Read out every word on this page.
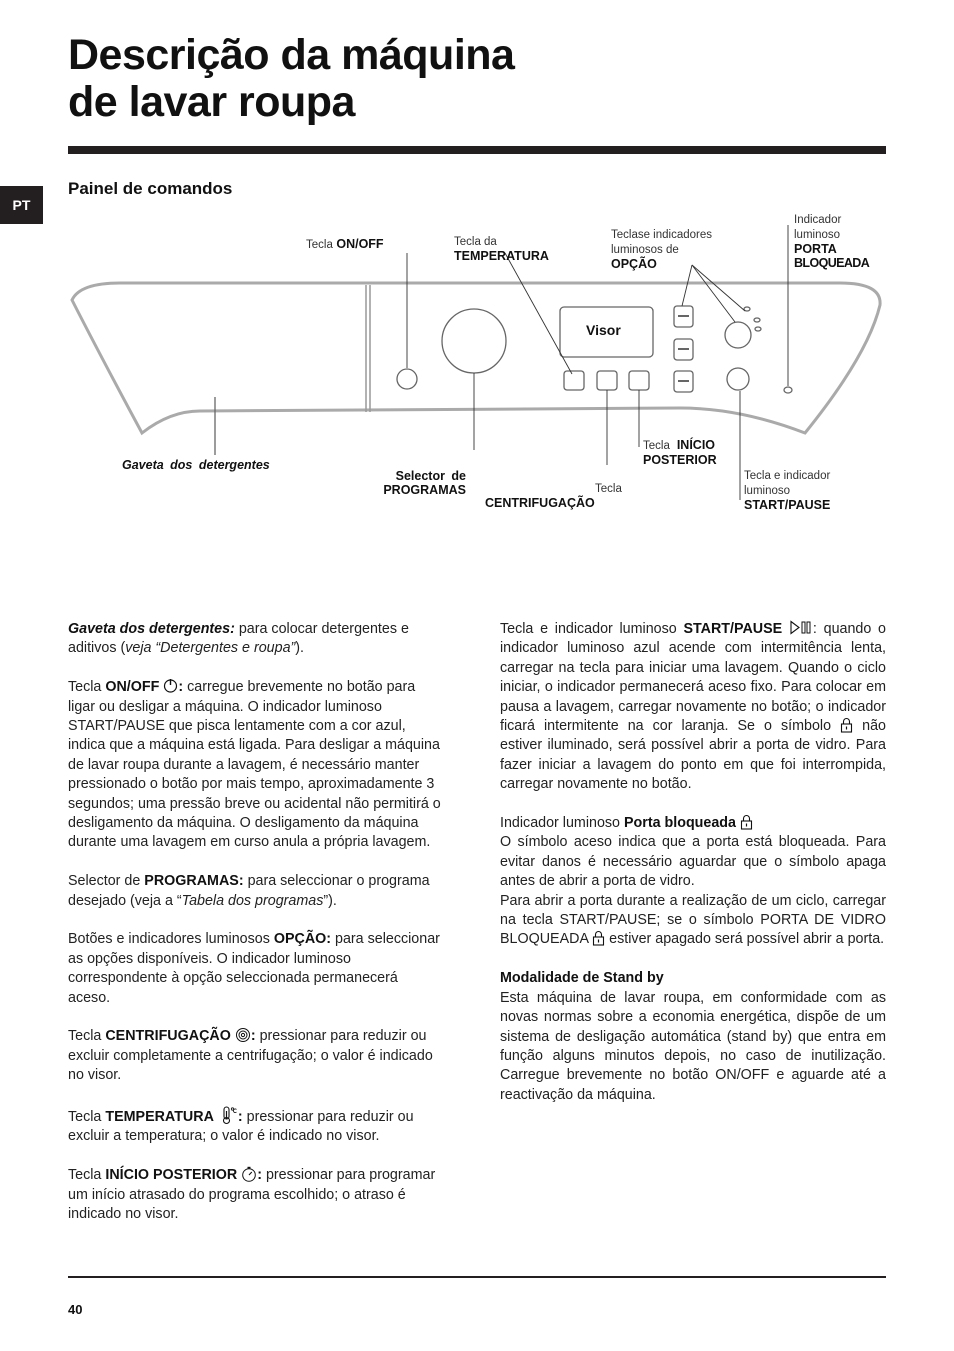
Descrição da máquina
de lavar roupa
PT
Painel de comandos
Visor
Tecla ON/OFF	Tecla da
TEMPERATURA
Teclase indicadores
luminosos de
OPÇÃO
Indicador
luminoso
PORTA
BLOQUEADA
Gaveta dos detergentes
Selector de
PROGRAMAS
Tecla INÍCIO
POSTERIOR
Tecla
CENTRIFUGAÇÃO
Tecla e indicador
luminoso
START/PAUSE

Gaveta dos detergentes: para colocar detergentes e aditivos (veja “Detergentes e roupa”).

Tecla ON/OFF : carregue brevemente no botão para ligar ou desligar a máquina. O indicador luminoso START/PAUSE que pisca lentamente com a cor azul, indica que a máquina está ligada. Para desligar a máquina de lavar roupa durante a lavagem, é necessário manter pressionado o botão por mais tempo, aproximadamente 3 segundos; uma pressão breve ou acidental não permitirá o desligamento da máquina. O desligamento da máquina durante uma lavagem em curso anula a própria lavagem.

Selector de PROGRAMAS: para seleccionar o programa desejado (veja a “Tabela dos programas”).

Botões e indicadores luminosos OPÇÃO: para seleccionar as opções disponíveis. O indicador luminoso correspondente à opção seleccionada permanecerá aceso.

Tecla CENTRIFUGAÇÃO : pressionar para reduzir ou excluir completamente a centrifugação; o valor é indicado no visor.

Tecla TEMPERATURA : pressionar para reduzir ou excluir a temperatura; o valor é indicado no visor.

Tecla INÍCIO POSTERIOR : pressionar para programar um início atrasado do programa escolhido; o atraso é indicado no visor.

Tecla e indicador luminoso START/PAUSE : quando o indicador luminoso azul acende com intermitência lenta, carregar na tecla para iniciar uma lavagem. Quando o ciclo iniciar, o indicador permanecerá aceso fixo. Para colocar em pausa a lavagem, carregar novamente no botão; o indicador ficará intermitente na cor laranja. Se o símbolo não estiver iluminado, será possível abrir a porta de vidro. Para fazer iniciar a lavagem do ponto em que foi interrompida, carregar novamente no botão.

Indicador luminoso Porta bloqueada
O símbolo aceso indica que a porta está bloqueada. Para evitar danos é necessário aguardar que o símbolo apaga antes de abrir a porta de vidro.
Para abrir a porta durante a realização de um ciclo, carregar na tecla START/PAUSE; se o símbolo PORTA DE VIDRO BLOQUEADA estiver apagado será possível abrir a porta.

Modalidade de Stand by
Esta máquina de lavar roupa, em conformidade com as novas normas sobre a economia energética, dispõe de um sistema de desligação automática (stand by) que entra em função alguns minutos depois, no caso de inutilização. Carregue brevemente no botão ON/OFF e aguarde até a reactivação da máquina.

40
